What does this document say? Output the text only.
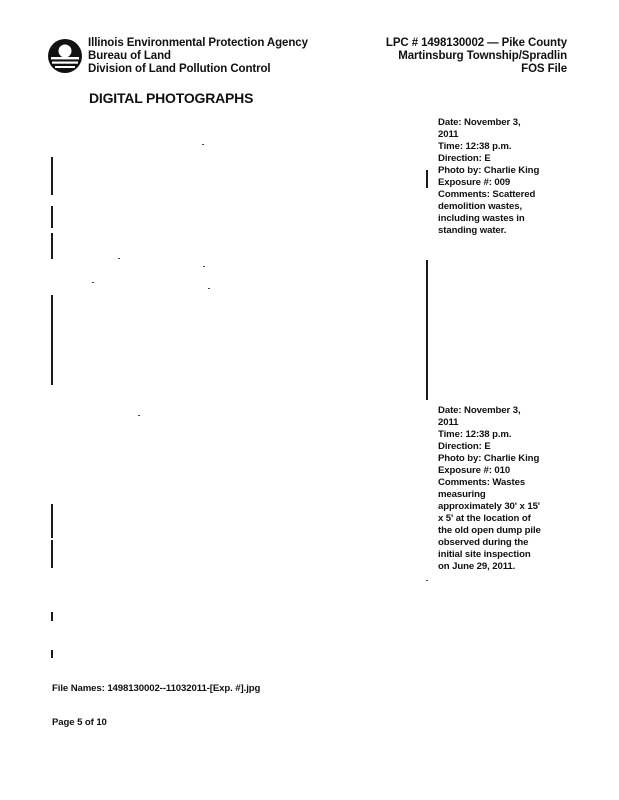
Illinois Environmental Protection Agency
Bureau of Land
Division of Land Pollution Control
LPC # 1498130002 — Pike County
Martinsburg Township/Spradlin
FOS File
DIGITAL PHOTOGRAPHS
Date: November 3,
2011
Time: 12:38 p.m.
Direction: E
Photo by: Charlie King
Exposure #: 009
Comments: Scattered
demolition wastes,
including wastes in
standing water.
Date: November 3,
2011
Time: 12:38 p.m.
Direction: E
Photo by: Charlie King
Exposure #: 010
Comments: Wastes
measuring
approximately 30' x 15'
x 5' at the location of
the old open dump pile
observed during the
initial site inspection
on June 29, 2011.
File Names: 1498130002--11032011-[Exp. #].jpg
Page 5 of 10
